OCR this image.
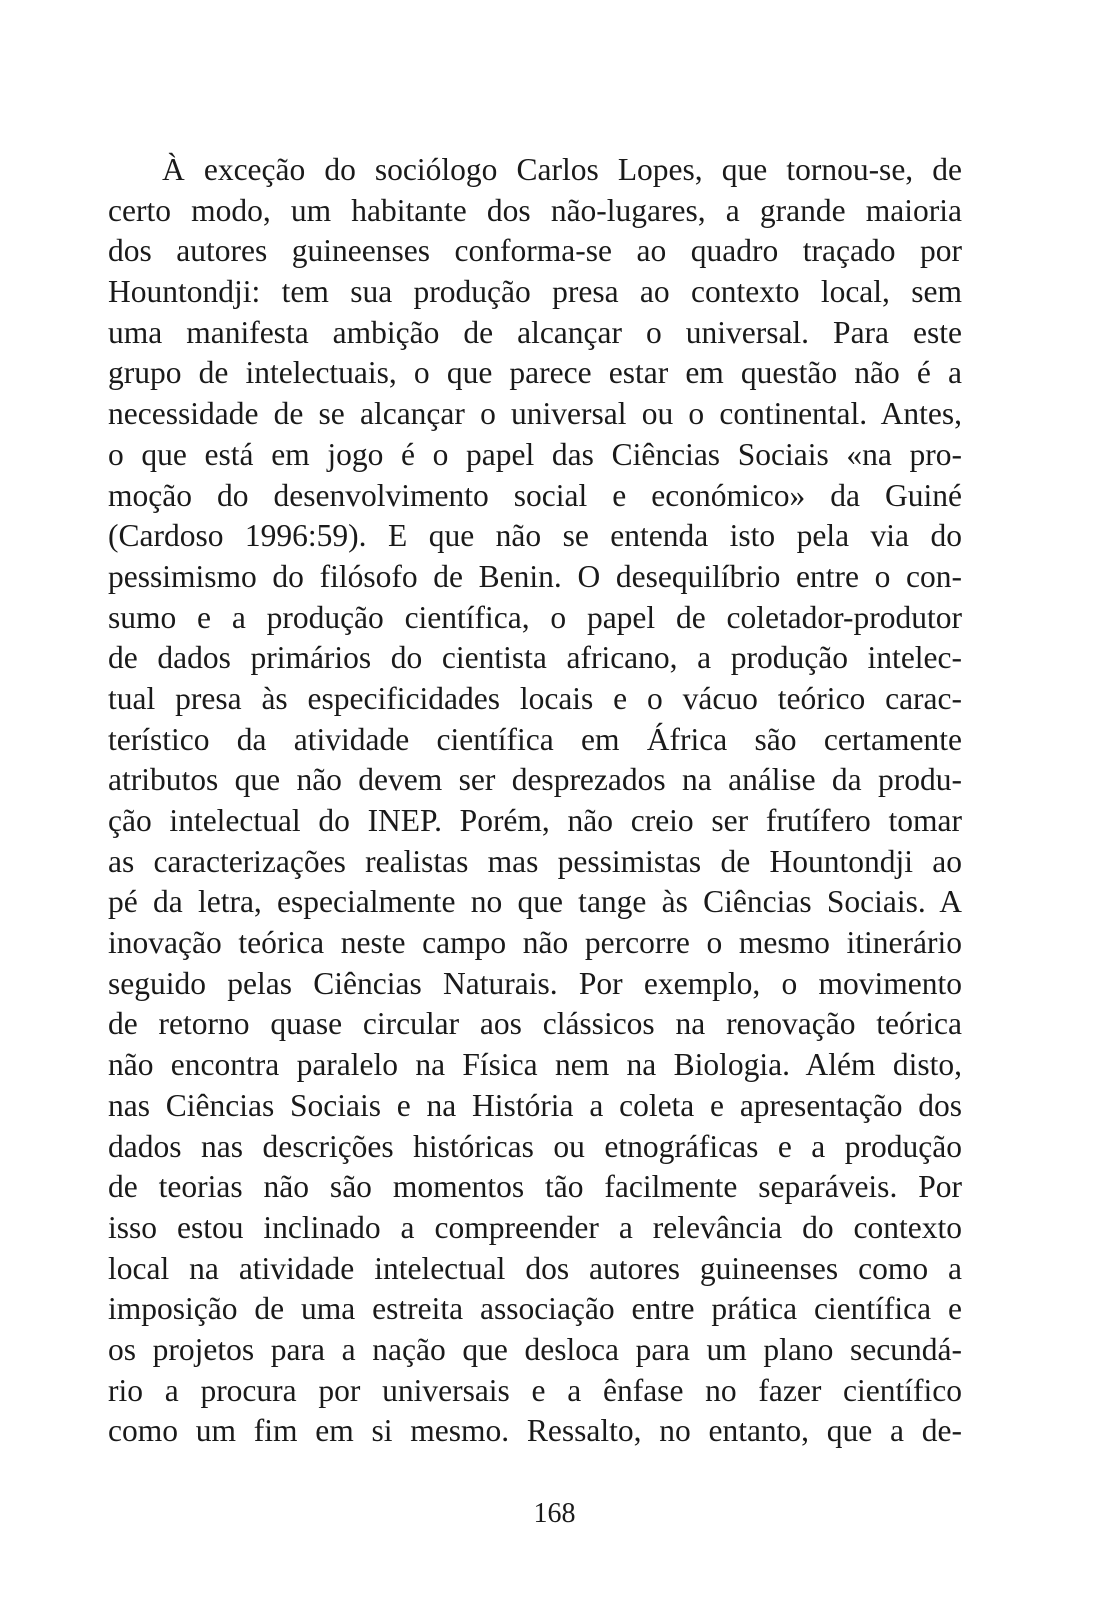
À exceção do sociólogo Carlos Lopes, que tornou-se, de
certo modo, um habitante dos não-lugares, a grande maioria
dos autores guineenses conforma-se ao quadro traçado por
Hountondji: tem sua produção presa ao contexto local, sem
uma manifesta ambição de alcançar o universal. Para este
grupo de intelectuais, o que parece estar em questão não é a
necessidade de se alcançar o universal ou o continental. Antes,
o que está em jogo é o papel das Ciências Sociais «na pro-
moção do desenvolvimento social e económico» da Guiné
(Cardoso 1996:59). E que não se entenda isto pela via do
pessimismo do filósofo de Benin. O desequilíbrio entre o con-
sumo e a produção científica, o papel de coletador-produtor
de dados primários do cientista africano, a produção intelec-
tual presa às especificidades locais e o vácuo teórico carac-
terístico da atividade científica em África são certamente
atributos que não devem ser desprezados na análise da produ-
ção intelectual do INEP. Porém, não creio ser frutífero tomar
as caracterizações realistas mas pessimistas de Hountondji ao
pé da letra, especialmente no que tange às Ciências Sociais. A
inovação teórica neste campo não percorre o mesmo itinerário
seguido pelas Ciências Naturais. Por exemplo, o movimento
de retorno quase circular aos clássicos na renovação teórica
não encontra paralelo na Física nem na Biologia. Além disto,
nas Ciências Sociais e na História a coleta e apresentação dos
dados nas descrições históricas ou etnográficas e a produção
de teorias não são momentos tão facilmente separáveis. Por
isso estou inclinado a compreender a relevância do contexto
local na atividade intelectual dos autores guineenses como a
imposição de uma estreita associação entre prática científica e
os projetos para a nação que desloca para um plano secundá-
rio a procura por universais e a ênfase no fazer científico
como um fim em si mesmo. Ressalto, no entanto, que a de-
168
